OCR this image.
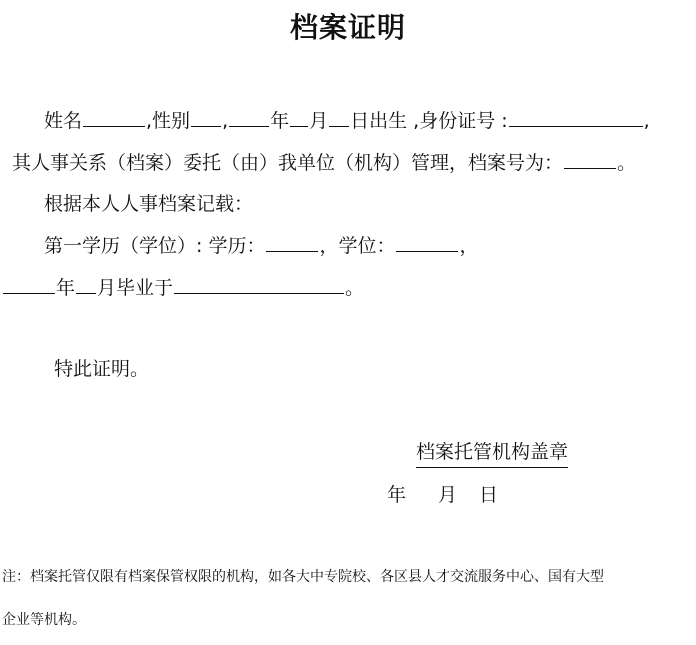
档案证明
姓名	,性别 , 年 月 日出生 ,身份证号 :	,
其人事关系（档案）委托（由）我单位（机构）管理，档案号为：	。
根据本人人事档案记载：
第一学历（学位）: 学历：	，学位：	，
年 月毕业于	。
特此证明。
档案托管机构盖章
年 月 日
注：档案托管仅限有档案保管权限的机构，如各大中专院校、各区县人才交流服务中心、国有大型
企业等机构。
